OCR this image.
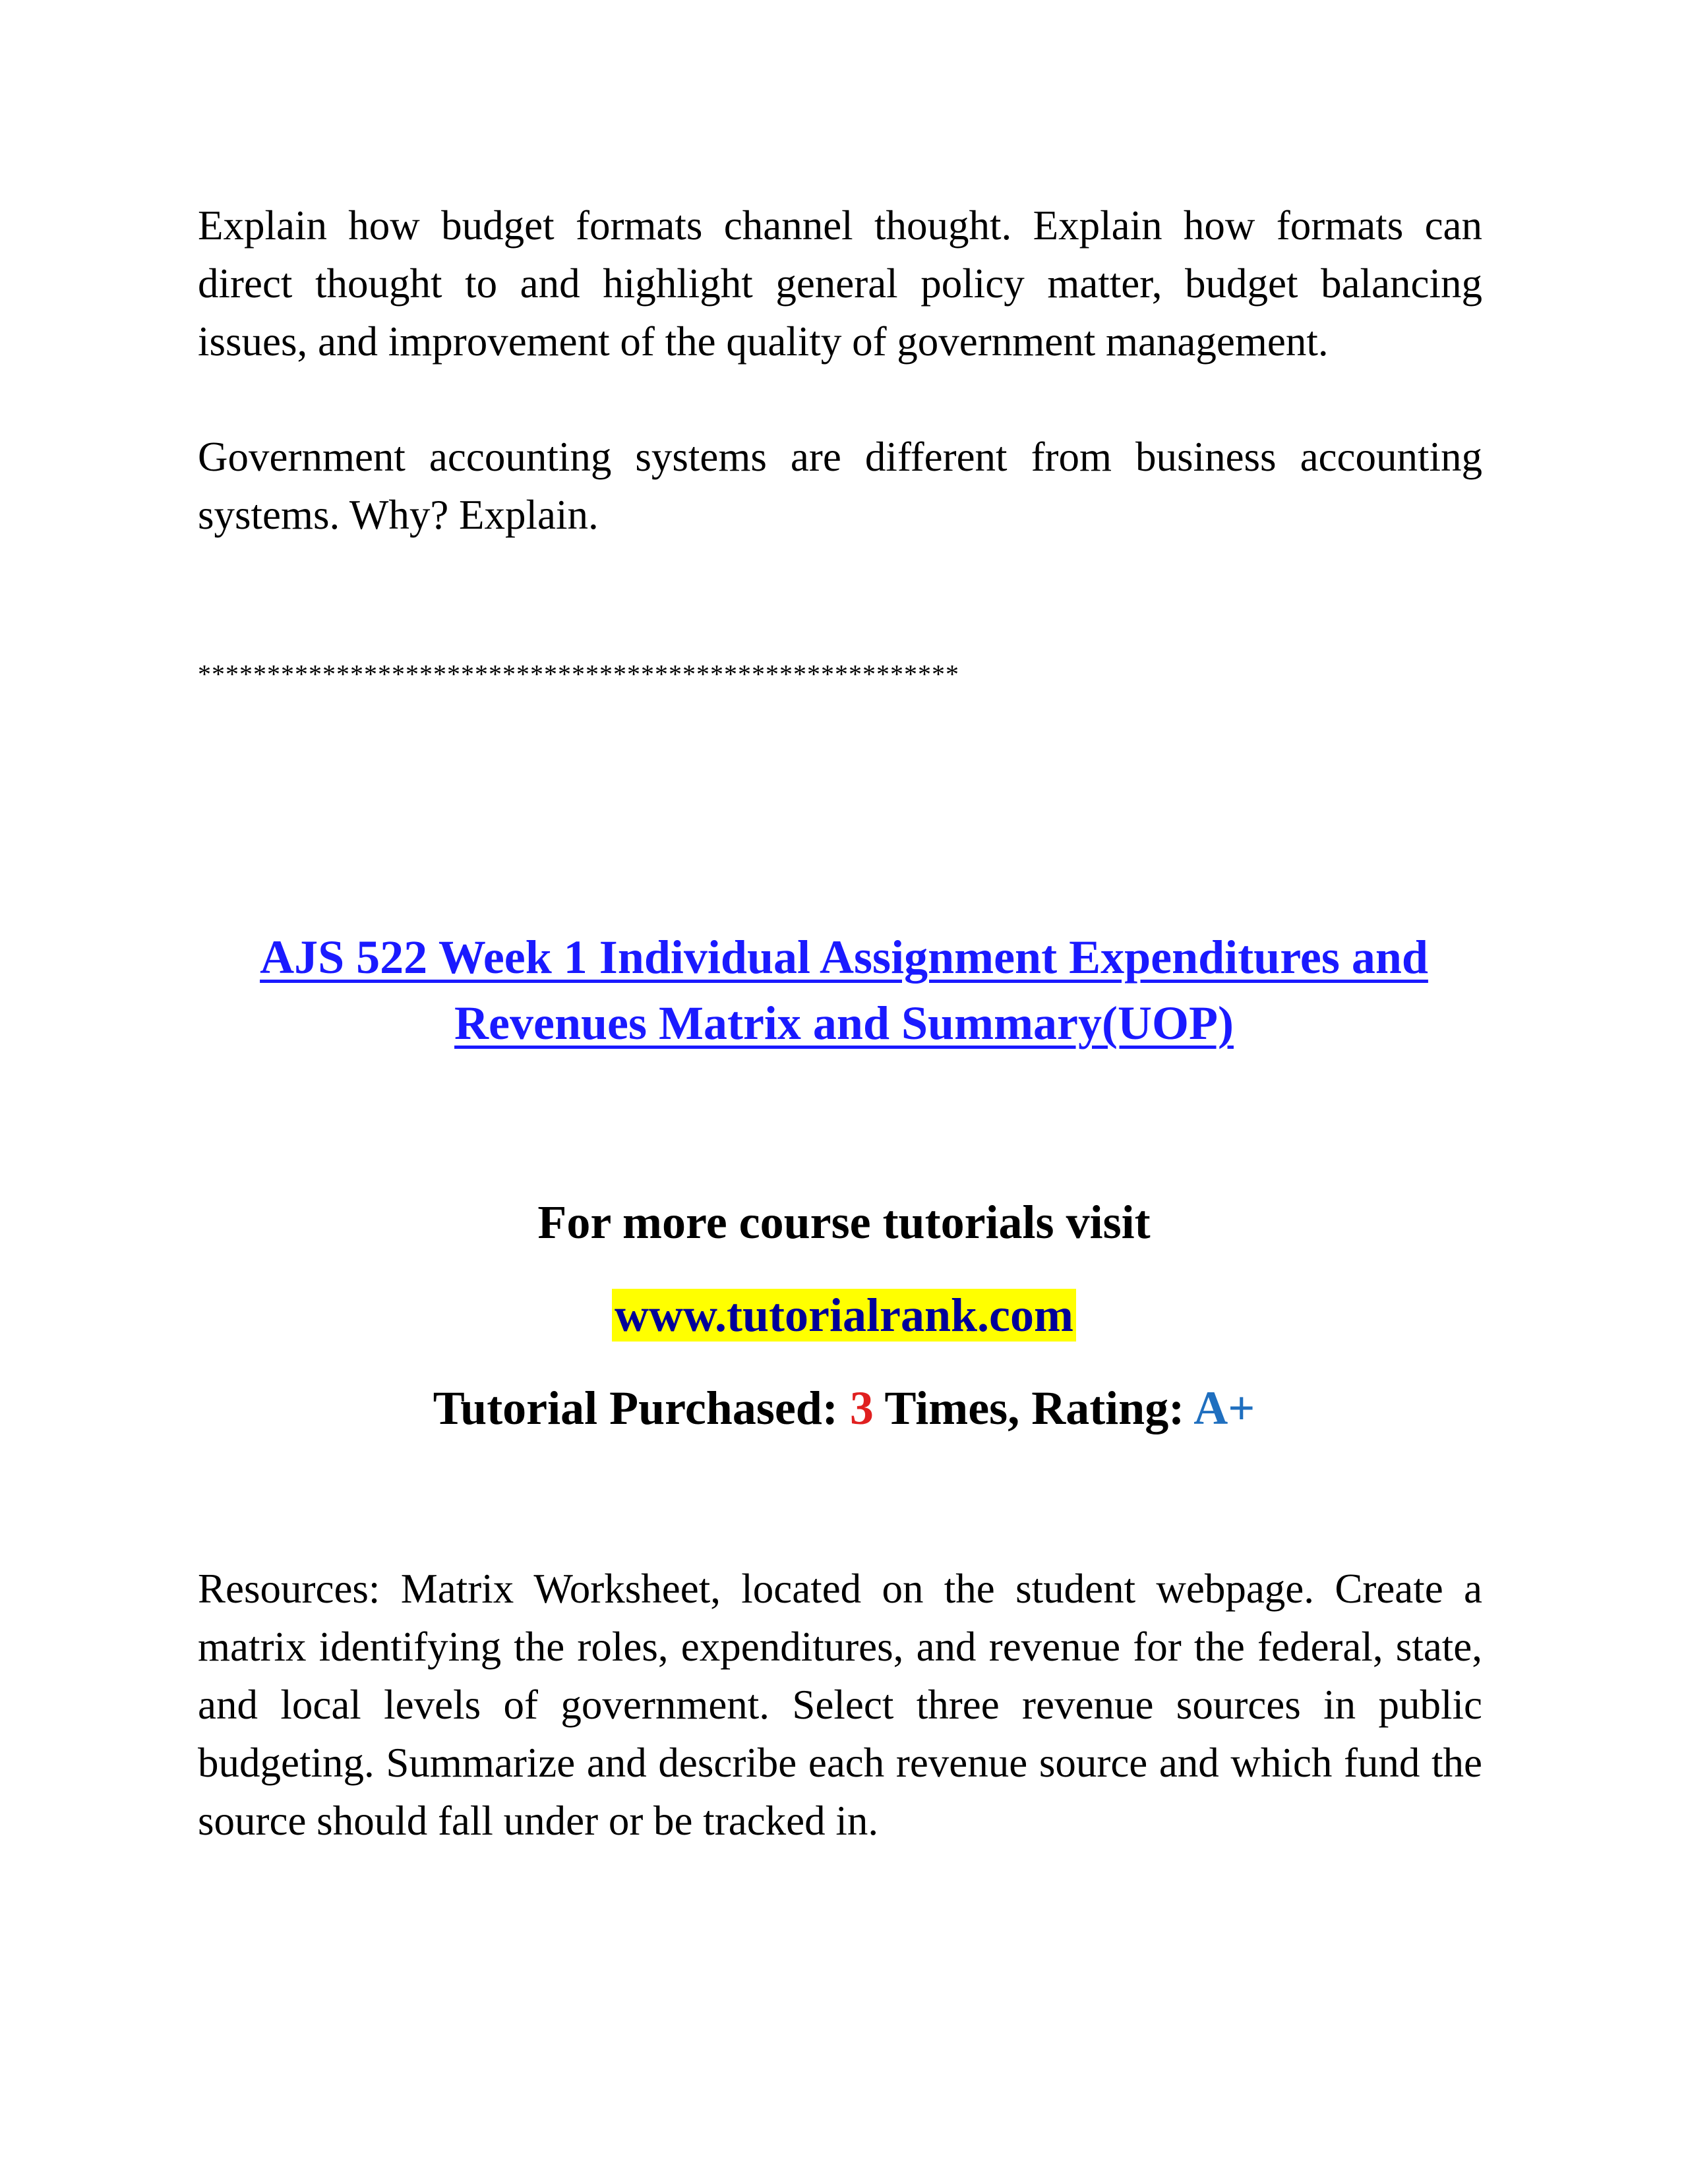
Explain how budget formats channel thought. Explain how formats can direct thought to and highlight general policy matter, budget balancing issues, and improvement of the quality of government management.

Government accounting systems are different from business accounting systems. Why? Explain.

*******************************************************

AJS 522 Week 1 Individual Assignment Expenditures and Revenues Matrix and Summary(UOP)

For more course tutorials visit

www.tutorialrank.com

Tutorial Purchased: 3 Times, Rating: A+

Resources: Matrix Worksheet, located on the student webpage. Create a matrix identifying the roles, expenditures, and revenue for the federal, state, and local levels of government. Select three revenue sources in public budgeting. Summarize and describe each revenue source and which fund the source should fall under or be tracked in.
